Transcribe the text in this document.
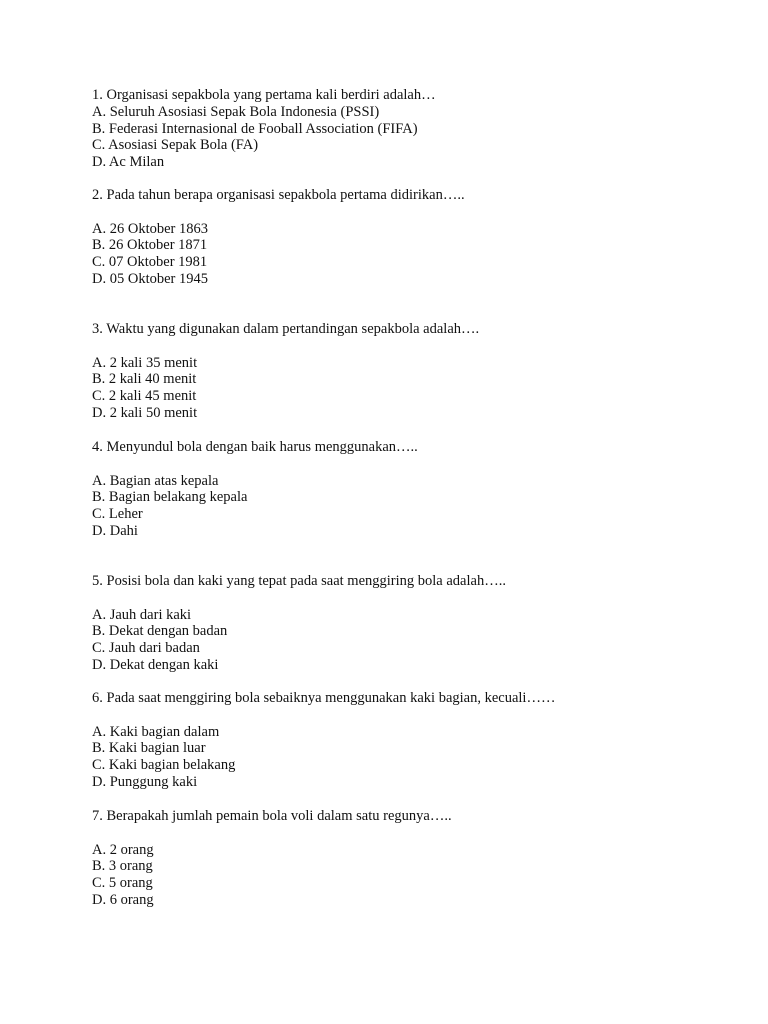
1. Organisasi sepakbola yang pertama kali berdiri adalah…
A. Seluruh Asosiasi Sepak Bola Indonesia (PSSI)
B. Federasi Internasional de Fooball Association (FIFA)
C. Asosiasi Sepak Bola (FA)
D. Ac Milan
2. Pada tahun berapa organisasi sepakbola pertama didirikan…..
A. 26 Oktober 1863
B. 26 Oktober 1871
C. 07 Oktober 1981
D. 05 Oktober 1945
3. Waktu yang digunakan dalam pertandingan sepakbola adalah….
A. 2 kali 35 menit
B. 2 kali 40 menit
C. 2 kali 45 menit
D. 2 kali 50 menit
4. Menyundul bola dengan baik harus menggunakan…..
A. Bagian atas kepala
B. Bagian belakang kepala
C. Leher
D. Dahi
5. Posisi bola dan kaki yang tepat pada saat menggiring bola adalah…..
A. Jauh dari kaki
B. Dekat dengan badan
C. Jauh dari badan
D. Dekat dengan kaki
6. Pada saat menggiring bola sebaiknya menggunakan kaki bagian, kecuali……
A. Kaki bagian dalam
B. Kaki bagian luar
C. Kaki bagian belakang
D. Punggung kaki
7. Berapakah jumlah pemain bola voli dalam satu regunya…..
A. 2 orang
B. 3 orang
C. 5 orang
D. 6 orang
